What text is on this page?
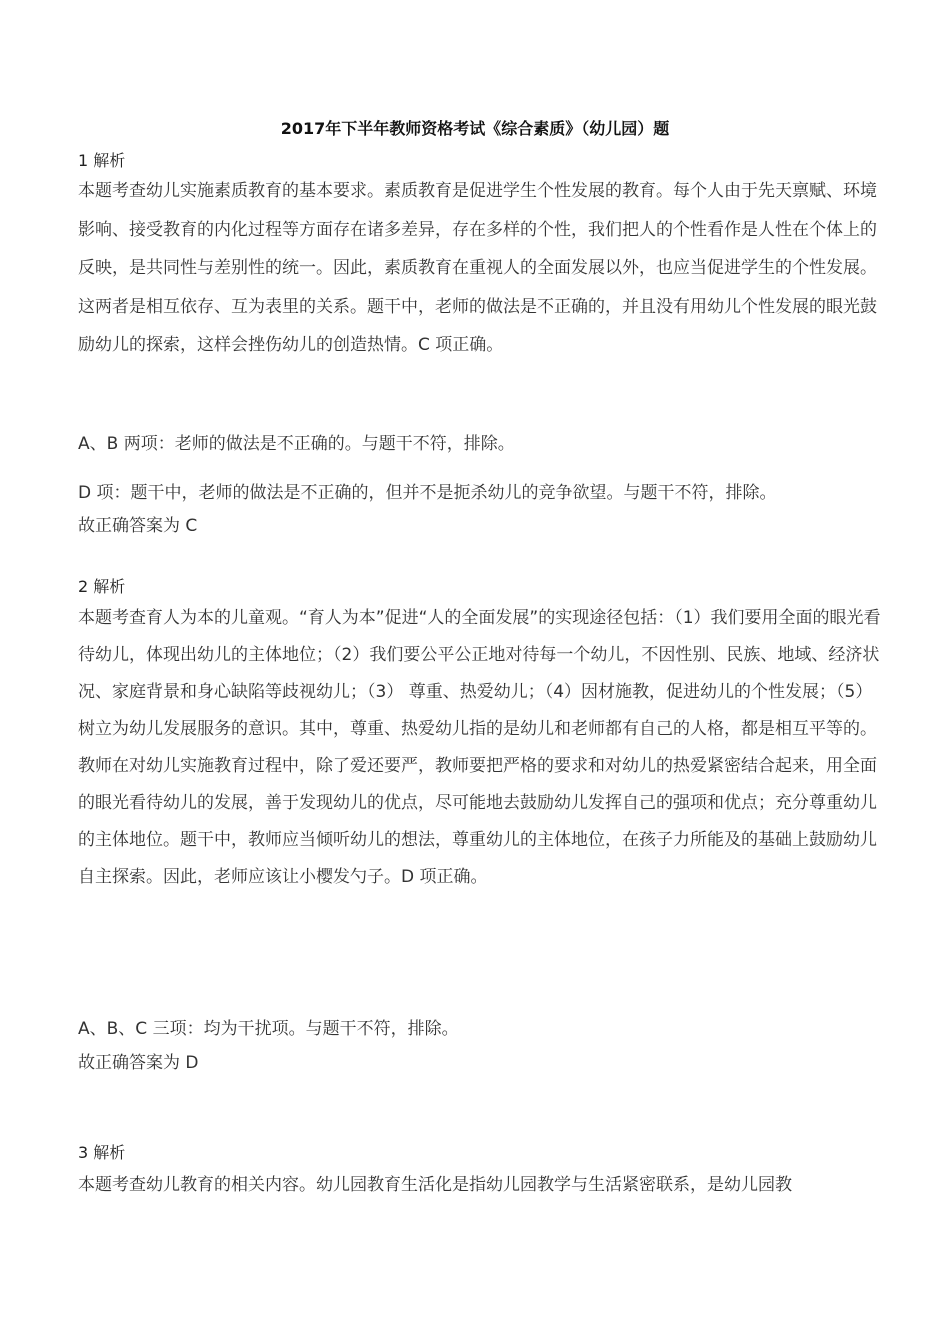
2017年下半年教师资格考试《综合素质》（幼儿园）题
1 解析
本题考查幼儿实施素质教育的基本要求。素质教育是促进学生个性发展的教育。每个人由于先天禀赋、环境影响、接受教育的内化过程等方面存在诸多差异，存在多样的个性，我们把人的个性看作是人性在个体上的反映，是共同性与差别性的统一。因此，素质教育在重视人的全面发展以外，也应当促进学生的个性发展。这两者是相互依存、互为表里的关系。题干中，老师的做法是不正确的，并且没有用幼儿个性发展的眼光鼓励幼儿的探索，这样会挫伤幼儿的创造热情。C 项正确。
A、B 两项：老师的做法是不正确的。与题干不符，排除。
D 项：题干中，老师的做法是不正确的，但并不是扼杀幼儿的竞争欲望。与题干不符，排除。
故正确答案为 C
2 解析
本题考查育人为本的儿童观。“育人为本”促进“人的全面发展”的实现途径包括：（1）我们要用全面的眼光看待幼儿，体现出幼儿的主体地位；（2）我们要公平公正地对待每一个幼儿，不因性别、民族、地域、经济状况、家庭背景和身心缺陷等歧视幼儿；（3） 尊重、热爱幼儿；（4）因材施教，促进幼儿的个性发展；（5）树立为幼儿发展服务的意识。其中，尊重、热爱幼儿指的是幼儿和老师都有自己的人格，都是相互平等的。教师在对幼儿实施教育过程中，除了爱还要严，教师要把严格的要求和对幼儿的热爱紧密结合起来，用全面的眼光看待幼儿的发展，善于发现幼儿的优点，尽可能地去鼓励幼儿发挥自己的强项和优点；充分尊重幼儿的主体地位。题干中，教师应当倾听幼儿的想法，尊重幼儿的主体地位，在孩子力所能及的基础上鼓励幼儿自主探索。因此，老师应该让小樱发勺子。D 项正确。
A、B、C 三项：均为干扰项。与题干不符，排除。
故正确答案为 D
3 解析
本题考查幼儿教育的相关内容。幼儿园教育生活化是指幼儿园教学与生活紧密联系，是幼儿园教
